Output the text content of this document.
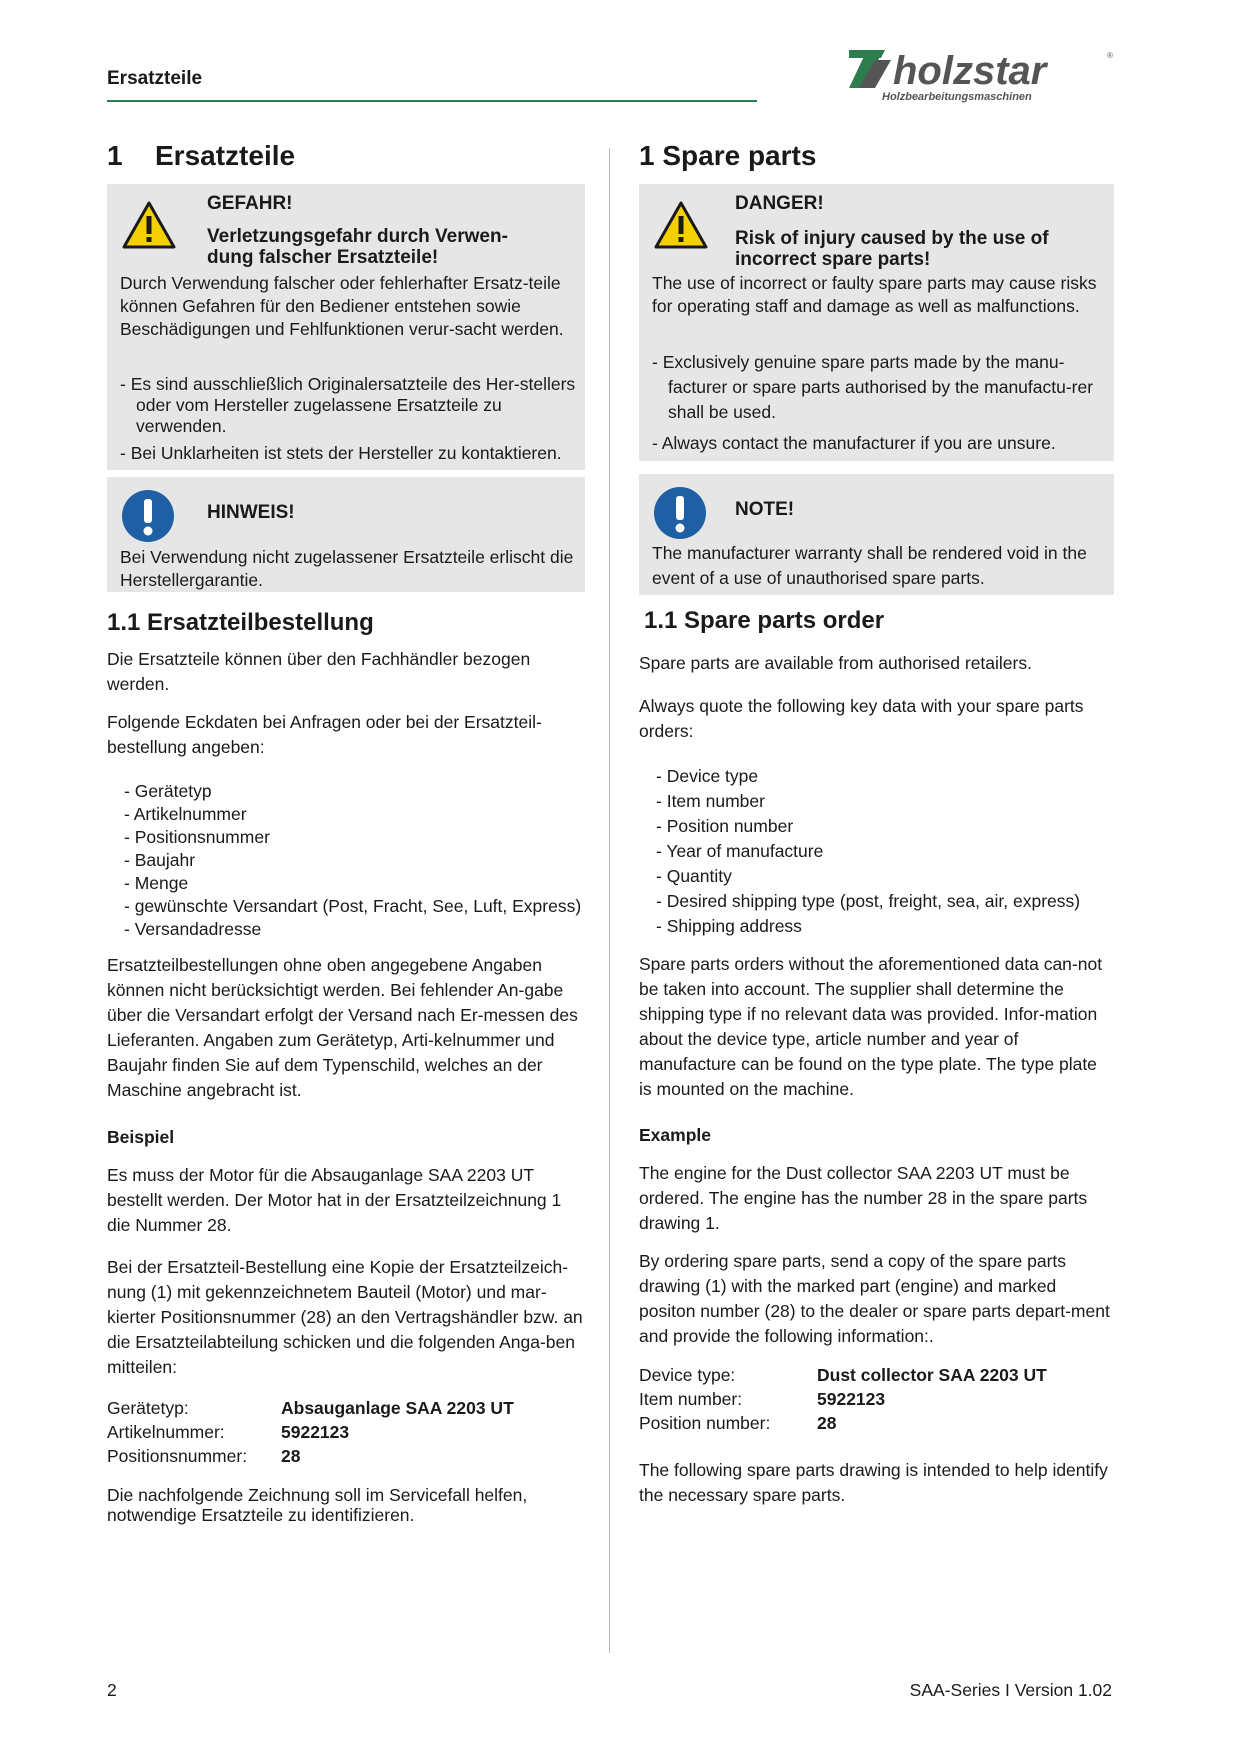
Ersatzteile	holzstar	®
Holzbearbeitungsmaschinen
1 Ersatzteile
GEFAHR!
Verletzungsgefahr durch Verwen-dung falscher Ersatzteile!
Durch Verwendung falscher oder fehlerhafter Ersatz-teile können Gefahren für den Bediener entstehen sowie Beschädigungen und Fehlfunktionen verur-sacht werden.
- Es sind ausschließlich Originalersatzteile des Her-stellers oder vom Hersteller zugelassene Ersatzteile zu verwenden.
- Bei Unklarheiten ist stets der Hersteller zu kontaktieren.
HINWEIS!
Bei Verwendung nicht zugelassener Ersatzteile erlischt die Herstellergarantie.
1.1 Ersatzteilbestellung
Die Ersatzteile können über den Fachhändler bezogen werden.
Folgende Eckdaten bei Anfragen oder bei der Ersatzteil-bestellung angeben:
- Gerätetyp
- Artikelnummer
- Positionsnummer
- Baujahr
- Menge
- gewünschte Versandart (Post, Fracht, See, Luft, Express)
- Versandadresse
Ersatzteilbestellungen ohne oben angegebene Angaben können nicht berücksichtigt werden. Bei fehlender An-gabe über die Versandart erfolgt der Versand nach Er-messen des Lieferanten. Angaben zum Gerätetyp, Arti-kelnummer und Baujahr finden Sie auf dem Typenschild, welches an der Maschine angebracht ist.
Beispiel
Es muss der Motor für die Absauganlage SAA 2203 UT bestellt werden. Der Motor hat in der Ersatzteilzeichnung 1 die Nummer 28.
Bei der Ersatzteil-Bestellung eine Kopie der Ersatzteilzeich-nung (1) mit gekennzeichnetem Bauteil (Motor) und mar-kierter Positionsnummer (28) an den Vertragshändler bzw. an die Ersatzteilabteilung schicken und die folgenden Anga-ben mitteilen:
Gerätetyp:	Absauganlage SAA 2203 UT
Artikelnummer:	5922123
Positionsnummer: 28
Die nachfolgende Zeichnung soll im Servicefall helfen, notwendige Ersatzteile zu identifizieren.
1 Spare parts
DANGER!
Risk of injury caused by the use of incorrect spare parts!
The use of incorrect or faulty spare parts may cause risks for operating staff and damage as well as malfunctions.
- Exclusively genuine spare parts made by the manu-facturer or spare parts authorised by the manufactu-rer shall be used.
- Always contact the manufacturer if you are unsure.
NOTE!
The manufacturer warranty shall be rendered void in the event of a use of unauthorised spare parts.
1.1 Spare parts order
Spare parts are available from authorised retailers.
Always quote the following key data with your spare parts orders:
- Device type
- Item number
- Position number
- Year of manufacture
- Quantity
- Desired shipping type (post, freight, sea, air, express)
- Shipping address
Spare parts orders without the aforementioned data can-not be taken into account. The supplier shall determine the shipping type if no relevant data was provided. Infor-mation about the device type, article number and year of manufacture can be found on the type plate. The type plate is mounted on the machine.
Example
The engine for the Dust collector SAA 2203 UT must be ordered. The engine has the number 28 in the spare parts drawing 1.
By ordering spare parts, send a copy of the spare parts drawing (1) with the marked part (engine) and marked positon number (28) to the dealer or spare parts depart-ment and provide the following information:.
Device type:	Dust collector SAA 2203 UT
Item number:	5922123
Position number:	28
The following spare parts drawing is intended to help identify the necessary spare parts.
2	SAA-Series I Version 1.02
